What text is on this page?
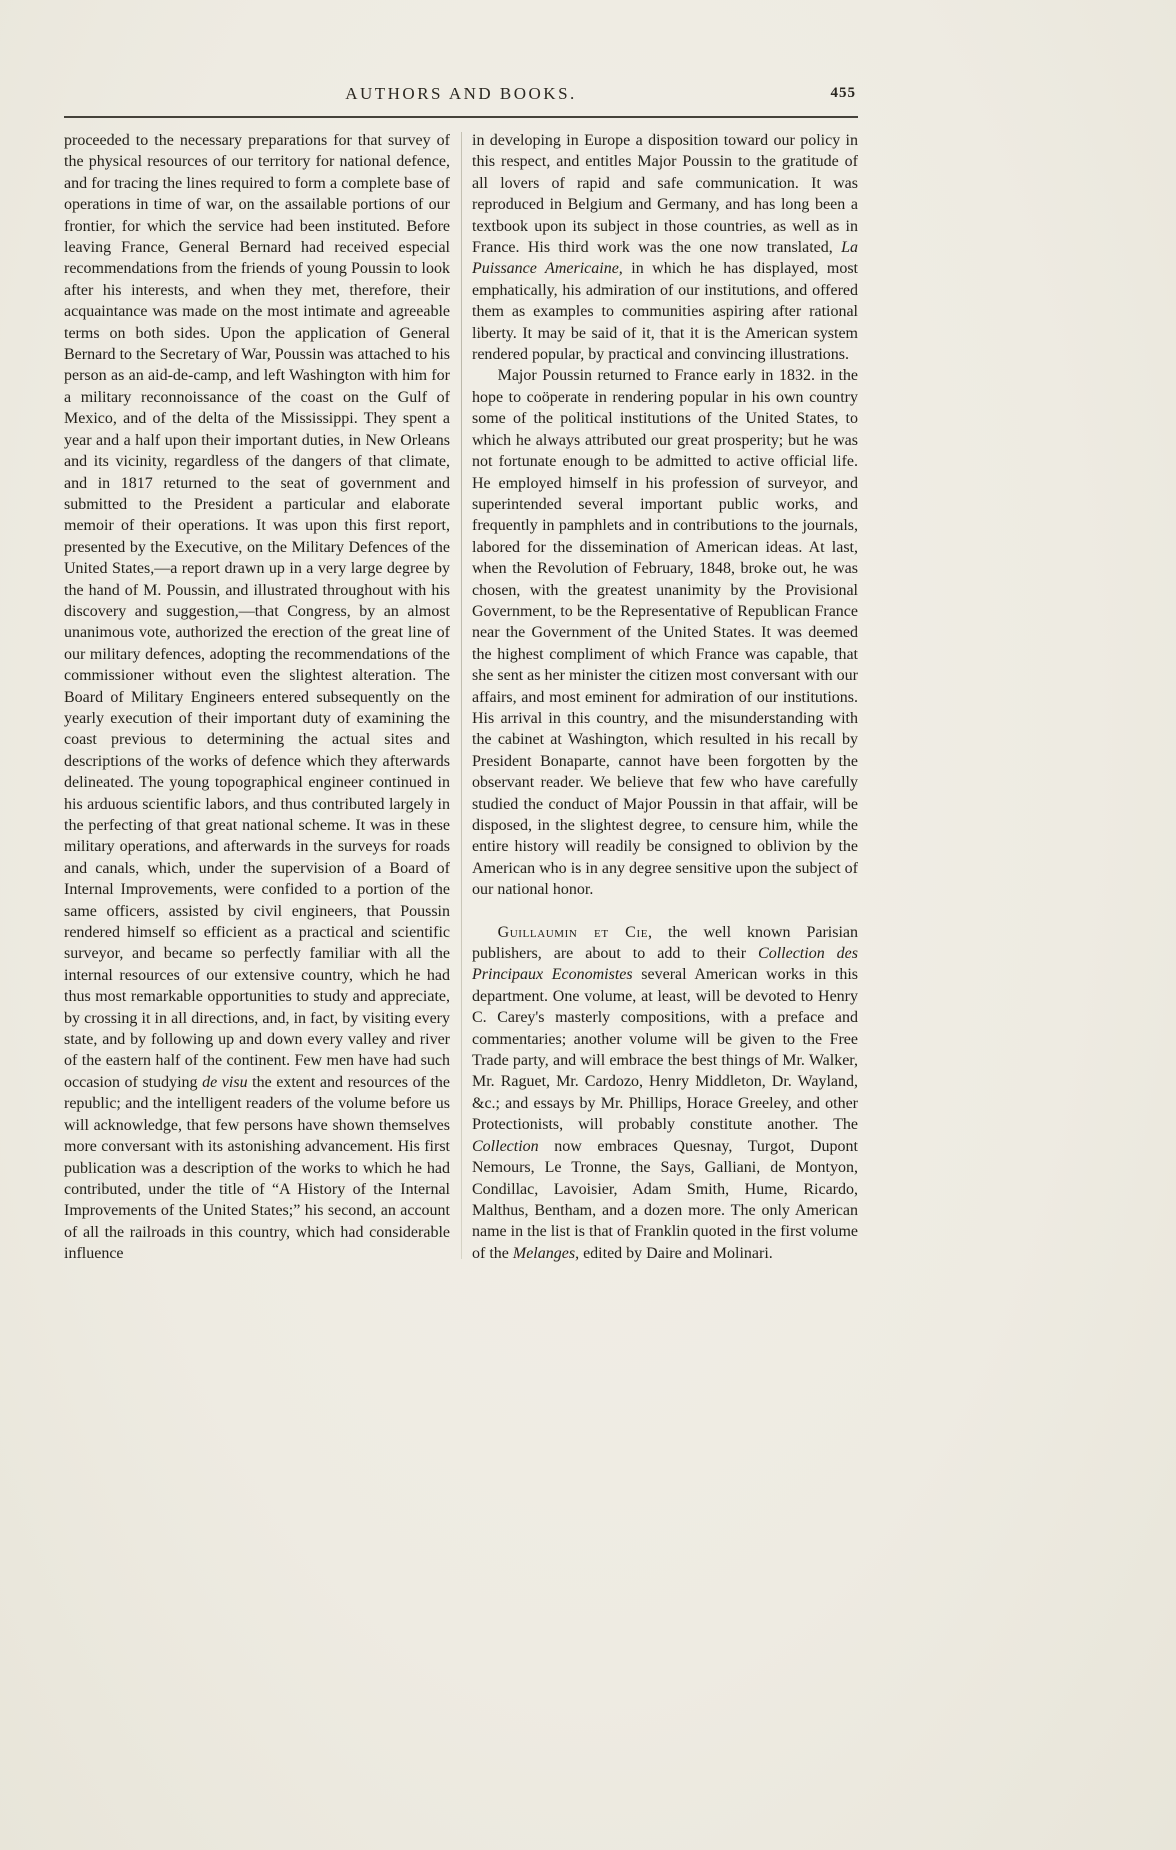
AUTHORS AND BOOKS.	455

proceeded to the necessary preparations for that survey of the physical resources of our territory for national defence, and for tracing the lines required to form a complete base of operations in time of war, on the assailable portions of our frontier, for which the service had been instituted. Before leaving France, General Bernard had received especial recommendations from the friends of young Poussin to look after his interests, and when they met, therefore, their acquaintance was made on the most intimate and agreeable terms on both sides. Upon the application of General Bernard to the Secretary of War, Poussin was attached to his person as an aid-de-camp, and left Washington with him for a military reconnoissance of the coast on the Gulf of Mexico, and of the delta of the Mississippi. They spent a year and a half upon their important duties, in New Orleans and its vicinity, regardless of the dangers of that climate, and in 1817 returned to the seat of government and submitted to the President a particular and elaborate memoir of their operations. It was upon this first report, presented by the Executive, on the Military Defences of the United States,—a report drawn up in a very large degree by the hand of M. Poussin, and illustrated throughout with his discovery and suggestion,—that Congress, by an almost unanimous vote, authorized the erection of the great line of our military defences, adopting the recommendations of the commissioner without even the slightest alteration. The Board of Military Engineers entered subsequently on the yearly execution of their important duty of examining the coast previous to determining the actual sites and descriptions of the works of defence which they afterwards delineated. The young topographical engineer continued in his arduous scientific labors, and thus contributed largely in the perfecting of that great national scheme. It was in these military operations, and afterwards in the surveys for roads and canals, which, under the supervision of a Board of Internal Improvements, were confided to a portion of the same officers, assisted by civil engineers, that Poussin rendered himself so efficient as a practical and scientific surveyor, and became so perfectly familiar with all the internal resources of our extensive country, which he had thus most remarkable opportunities to study and appreciate, by crossing it in all directions, and, in fact, by visiting every state, and by following up and down every valley and river of the eastern half of the continent. Few men have had such occasion of studying de visu the extent and resources of the republic; and the intelligent readers of the volume before us will acknowledge, that few persons have shown themselves more conversant with its astonishing advancement. His first publication was a description of the works to which he had contributed, under the title of “A History of the Internal Improvements of the United States;” his second, an account of all the railroads in this country, which had considerable influence

in developing in Europe a disposition toward our policy in this respect, and entitles Major Poussin to the gratitude of all lovers of rapid and safe communication. It was reproduced in Belgium and Germany, and has long been a textbook upon its subject in those countries, as well as in France. His third work was the one now translated, La Puissance Americaine, in which he has displayed, most emphatically, his admiration of our institutions, and offered them as examples to communities aspiring after rational liberty. It may be said of it, that it is the American system rendered popular, by practical and convincing illustrations.

Major Poussin returned to France early in 1832. in the hope to coöperate in rendering popular in his own country some of the political institutions of the United States, to which he always attributed our great prosperity; but he was not fortunate enough to be admitted to active official life. He employed himself in his profession of surveyor, and superintended several important public works, and frequently in pamphlets and in contributions to the journals, labored for the dissemination of American ideas. At last, when the Revolution of February, 1848, broke out, he was chosen, with the greatest unanimity by the Provisional Government, to be the Representative of Republican France near the Government of the United States. It was deemed the highest compliment of which France was capable, that she sent as her minister the citizen most conversant with our affairs, and most eminent for admiration of our institutions. His arrival in this country, and the misunderstanding with the cabinet at Washington, which resulted in his recall by President Bonaparte, cannot have been forgotten by the observant reader. We believe that few who have carefully studied the conduct of Major Poussin in that affair, will be disposed, in the slightest degree, to censure him, while the entire history will readily be consigned to oblivion by the American who is in any degree sensitive upon the subject of our national honor.

Guillaumin et Cie, the well known Parisian publishers, are about to add to their Collection des Principaux Economistes several American works in this department. One volume, at least, will be devoted to Henry C. Carey's masterly compositions, with a preface and commentaries; another volume will be given to the Free Trade party, and will embrace the best things of Mr. Walker, Mr. Raguet, Mr. Cardozo, Henry Middleton, Dr. Wayland, &c.; and essays by Mr. Phillips, Horace Greeley, and other Protectionists, will probably constitute another. The Collection now embraces Quesnay, Turgot, Dupont Nemours, Le Tronne, the Says, Galliani, de Montyon, Condillac, Lavoisier, Adam Smith, Hume, Ricardo, Malthus, Bentham, and a dozen more. The only American name in the list is that of Franklin quoted in the first volume of the Melanges, edited by Daire and Molinari.
